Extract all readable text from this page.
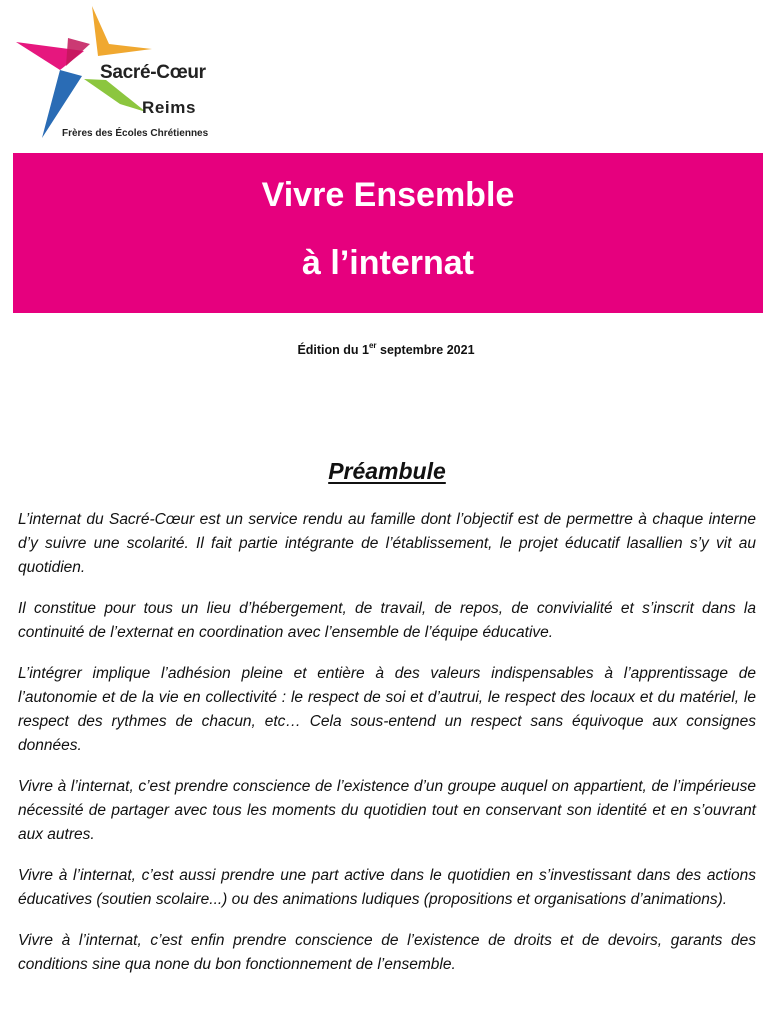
Sacré-Cœur
Reims
Frères des Écoles Chrétiennes
Vivre Ensemble
à l’internat
Édition du 1er septembre 2021
Préambule

L’internat du Sacré-Cœur est un service rendu au famille dont l’objectif est de permettre à chaque interne d’y suivre une scolarité. Il fait partie intégrante de l’établissement, le projet éducatif lasallien s’y vit au quotidien.

Il constitue pour tous un lieu d’hébergement, de travail, de repos, de convivialité et s’inscrit dans la continuité de l’externat en coordination avec l’ensemble de l’équipe éducative.

L’intégrer implique l’adhésion pleine et entière à des valeurs indispensables à l’apprentissage de l’autonomie et de la vie en collectivité : le respect de soi et d’autrui, le respect des locaux et du matériel, le respect des rythmes de chacun, etc… Cela sous-entend un respect sans équivoque aux consignes données.

Vivre à l’internat, c’est prendre conscience de l’existence d’un groupe auquel on appartient, de l’impérieuse nécessité de partager avec tous les moments du quotidien tout en conservant son identité et en s’ouvrant aux autres.

Vivre à l’internat, c’est aussi prendre une part active dans le quotidien en s’investissant dans des actions éducatives (soutien scolaire...) ou des animations ludiques (propositions et organisations d’animations).

Vivre à l’internat, c’est enfin prendre conscience de l’existence de droits et de devoirs, garants des conditions sine qua none du bon fonctionnement de l’ensemble.
